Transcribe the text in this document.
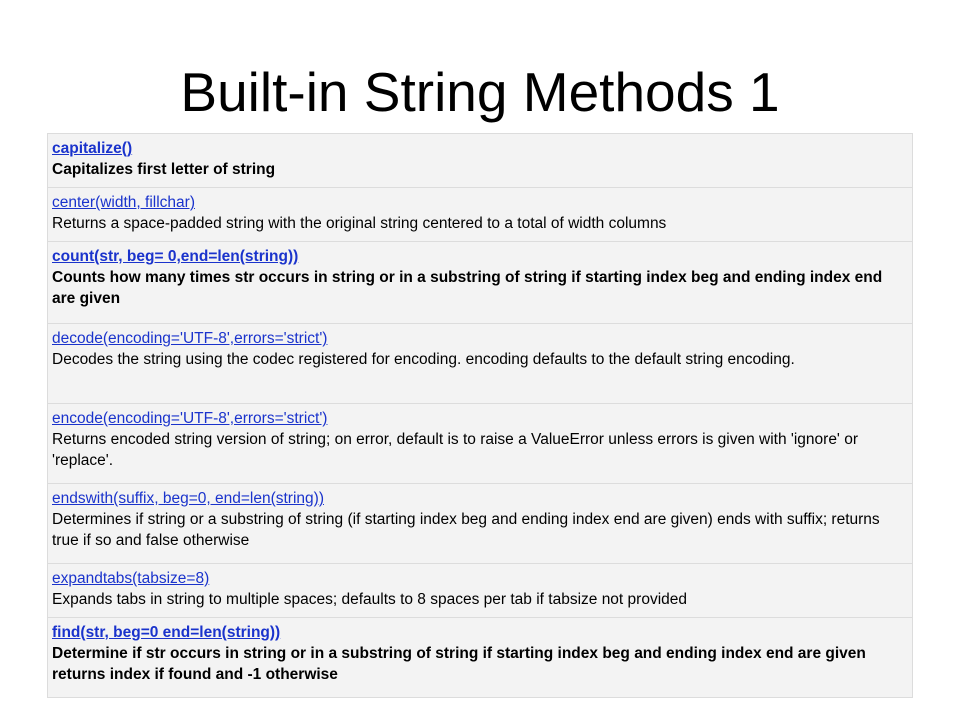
Built-in String Methods 1
capitalize()
Capitalizes first letter of string

center(width, fillchar)
Returns a space-padded string with the original string centered to a total of width columns

count(str, beg= 0,end=len(string))
Counts how many times str occurs in string or in a substring of string if starting index beg and ending index end are given

decode(encoding='UTF-8',errors='strict')
Decodes the string using the codec registered for encoding. encoding defaults to the default string encoding.

encode(encoding='UTF-8',errors='strict')
Returns encoded string version of string; on error, default is to raise a ValueError unless errors is given with 'ignore' or 'replace'.

endswith(suffix, beg=0, end=len(string))
Determines if string or a substring of string (if starting index beg and ending index end are given) ends with suffix; returns true if so and false otherwise

expandtabs(tabsize=8)
Expands tabs in string to multiple spaces; defaults to 8 spaces per tab if tabsize not provided

find(str, beg=0 end=len(string))
Determine if str occurs in string or in a substring of string if starting index beg and ending index end are given returns index if found and -1 otherwise
